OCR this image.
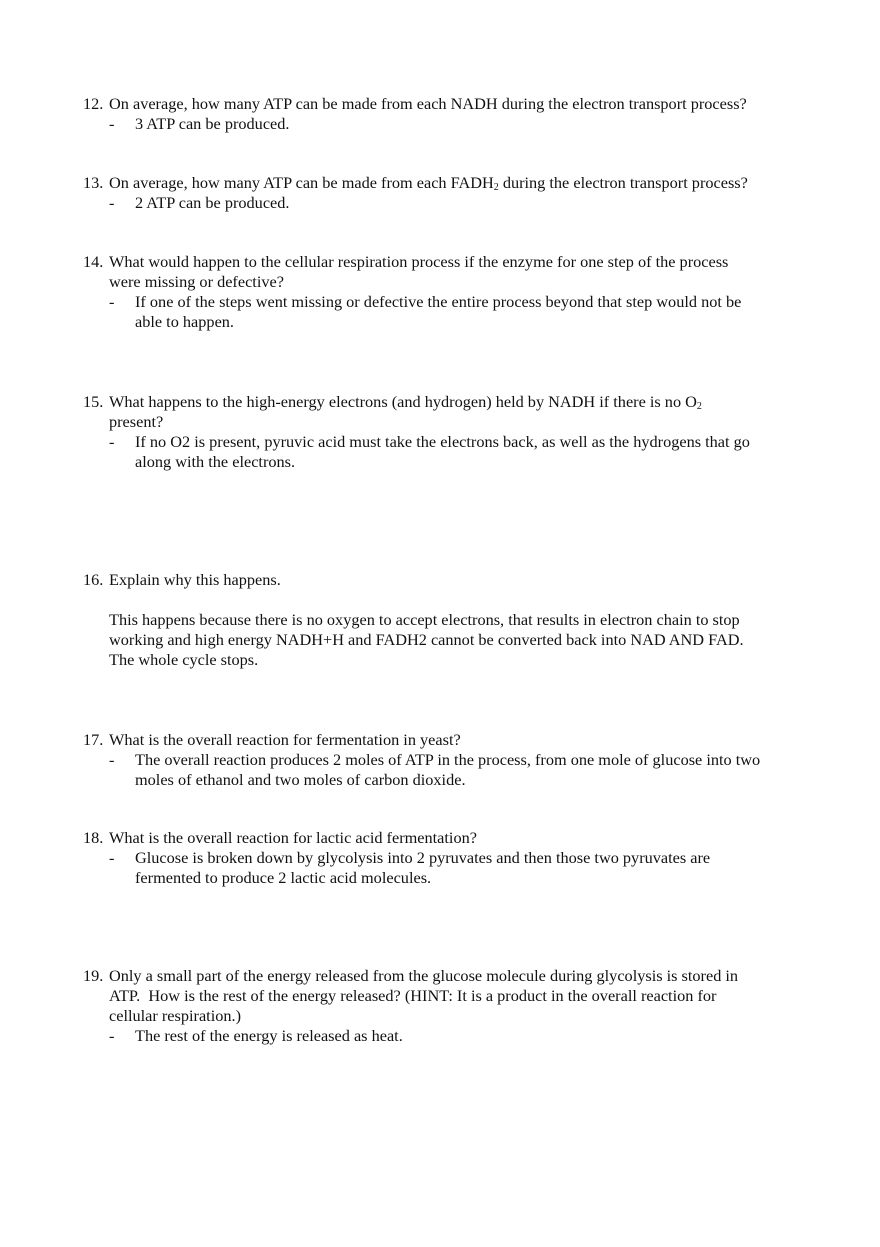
12. On average, how many ATP can be made from each NADH during the electron transport process?
-	3 ATP can be produced.
13. On average, how many ATP can be made from each $FADH_2$ during the electron transport process?
-	2 ATP can be produced.
14. What would happen to the cellular respiration process if the enzyme for one step of the process
were missing or defective?
-	If one of the steps went missing or defective the entire process beyond that step would not be
able to happen.
15. What happens to the high-energy electrons (and hydrogen) held by NADH if there is no $O_2$
present?
-	If no O2 is present, pyruvic acid must take the electrons back, as well as the hydrogens that go
along with the electrons.
16. Explain why this happens.
This happens because there is no oxygen to accept electrons, that results in electron chain to stop
working and high energy NADH+H and FADH2 cannot be converted back into NAD AND FAD.
The whole cycle stops.
17. What is the overall reaction for fermentation in yeast?
-	The overall reaction produces 2 moles of ATP in the process, from one mole of glucose into two
moles of ethanol and two moles of carbon dioxide.
18. What is the overall reaction for lactic acid fermentation?
-	Glucose is broken down by glycolysis into 2 pyruvates and then those two pyruvates are
fermented to produce 2 lactic acid molecules.
19. Only a small part of the energy released from the glucose molecule during glycolysis is stored in
ATP.  How is the rest of the energy released? (HINT: It is a product in the overall reaction for
cellular respiration.)
-	The rest of the energy is released as heat.
